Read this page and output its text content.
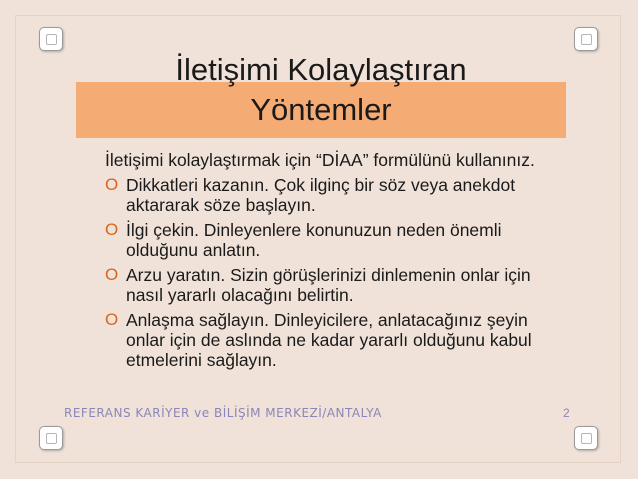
İletişimi Kolaylaştıran
Yöntemler
İletişimi kolaylaştırmak için “DİAA” formülünü kullanınız.
O Dikkatleri kazanın. Çok ilginç bir söz veya anekdot aktararak söze başlayın.
O İlgi çekin. Dinleyenlere konunuzun neden önemli olduğunu anlatın.
O Arzu yaratın. Sizin görüşlerinizi dinlemenin onlar için nasıl yararlı olacağını belirtin.
O Anlaşma sağlayın. Dinleyicilere, anlatacağınız şeyin onlar için de aslında ne kadar yararlı olduğunu kabul etmelerini sağlayın.
REFERANS KARİYER ve BİLİŞİM MERKEZİ/ANTALYA	2
